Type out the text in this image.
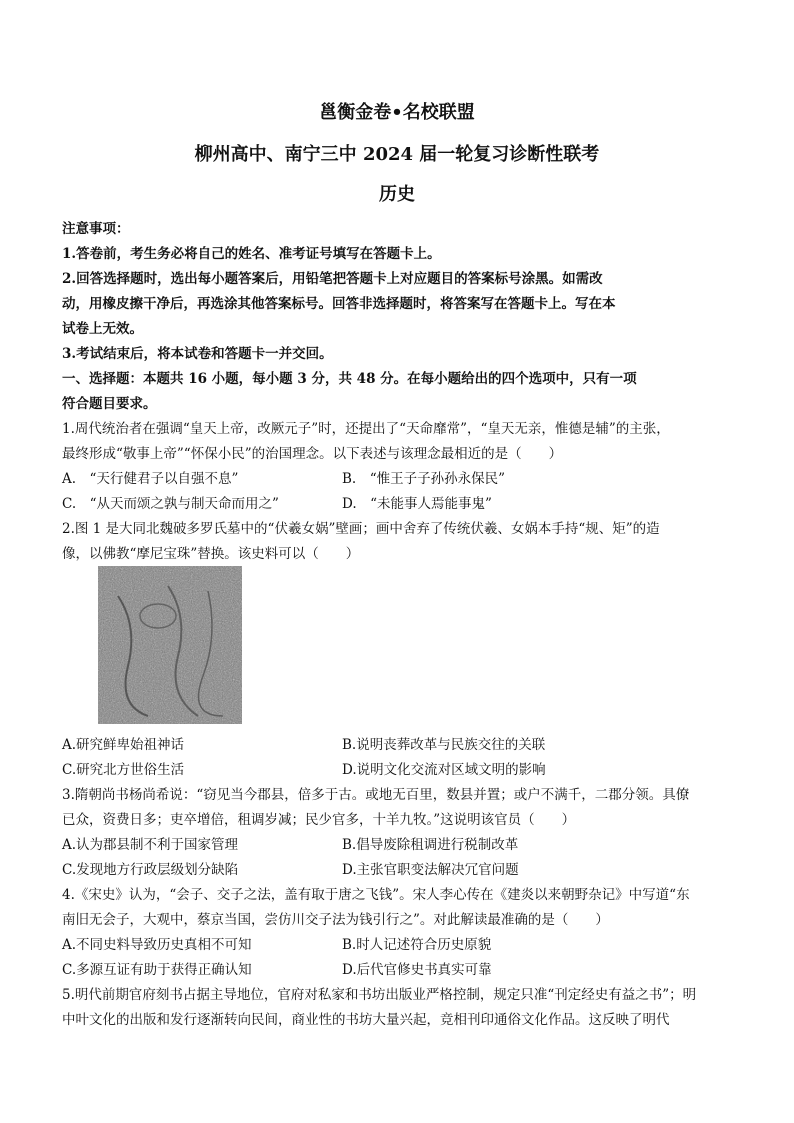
邕衡金卷•名校联盟
柳州高中、南宁三中 2024 届一轮复习诊断性联考
历史
注意事项：
1.答卷前，考生务必将自己的姓名、准考证号填写在答题卡上。
2.回答选择题时，选出每小题答案后，用铅笔把答题卡上对应题目的答案标号涂黑。如需改
动，用橡皮擦干净后，再选涂其他答案标号。回答非选择题时，将答案写在答题卡上。写在本
试卷上无效。
3.考试结束后，将本试卷和答题卡一并交回。
一、选择题：本题共 16 小题，每小题 3 分，共 48 分。在每小题给出的四个选项中，只有一项
符合题目要求。
1.周代统治者在强调“皇天上帝，改厥元子”时，还提出了“天命靡常”，“皇天无亲，惟德是辅”的主张，
最终形成“敬事上帝”“怀保小民”的治国理念。以下表述与该理念最相近的是（　　）
A.　“天行健君子以自强不息”	B.　“惟王子子孙孙永保民”
C.　“从天而颂之孰与制天命而用之”	D.　“未能事人焉能事鬼”
2.图 1 是大同北魏破多罗氏墓中的“伏羲女娲”壁画；画中舍弃了传统伏羲、女娲本手持“规、矩”的造
像，以佛教“摩尼宝珠”替换。该史料可以（　　）
A.研究鲜卑始祖神话	B.说明丧葬改革与民族交往的关联
C.研究北方世俗生活	D.说明文化交流对区域文明的影响
3.隋朝尚书杨尚希说：“窃见当今郡县，倍多于古。或地无百里，数县并置；或户不满千，二郡分领。具僚
已众，资费日多；吏卒增倍，租调岁减；民少官多，十羊九牧。”这说明该官员（　　）
A.认为郡县制不利于国家管理	B.倡导废除租调进行税制改革
C.发现地方行政层级划分缺陷	D.主张官职变法解决冗官问题
4.《宋史》认为，“会子、交子之法，盖有取于唐之飞钱”。宋人李心传在《建炎以来朝野杂记》中写道“东
南旧无会子，大观中，蔡京当国，尝仿川交子法为钱引行之”。对此解读最准确的是（　　）
A.不同史料导致历史真相不可知	B.时人记述符合历史原貌
C.多源互证有助于获得正确认知	D.后代官修史书真实可靠
5.明代前期官府刻书占据主导地位，官府对私家和书坊出版业严格控制，规定只准“刊定经史有益之书”；明
中叶文化的出版和发行逐渐转向民间，商业性的书坊大量兴起，竞相刊印通俗文化作品。这反映了明代
